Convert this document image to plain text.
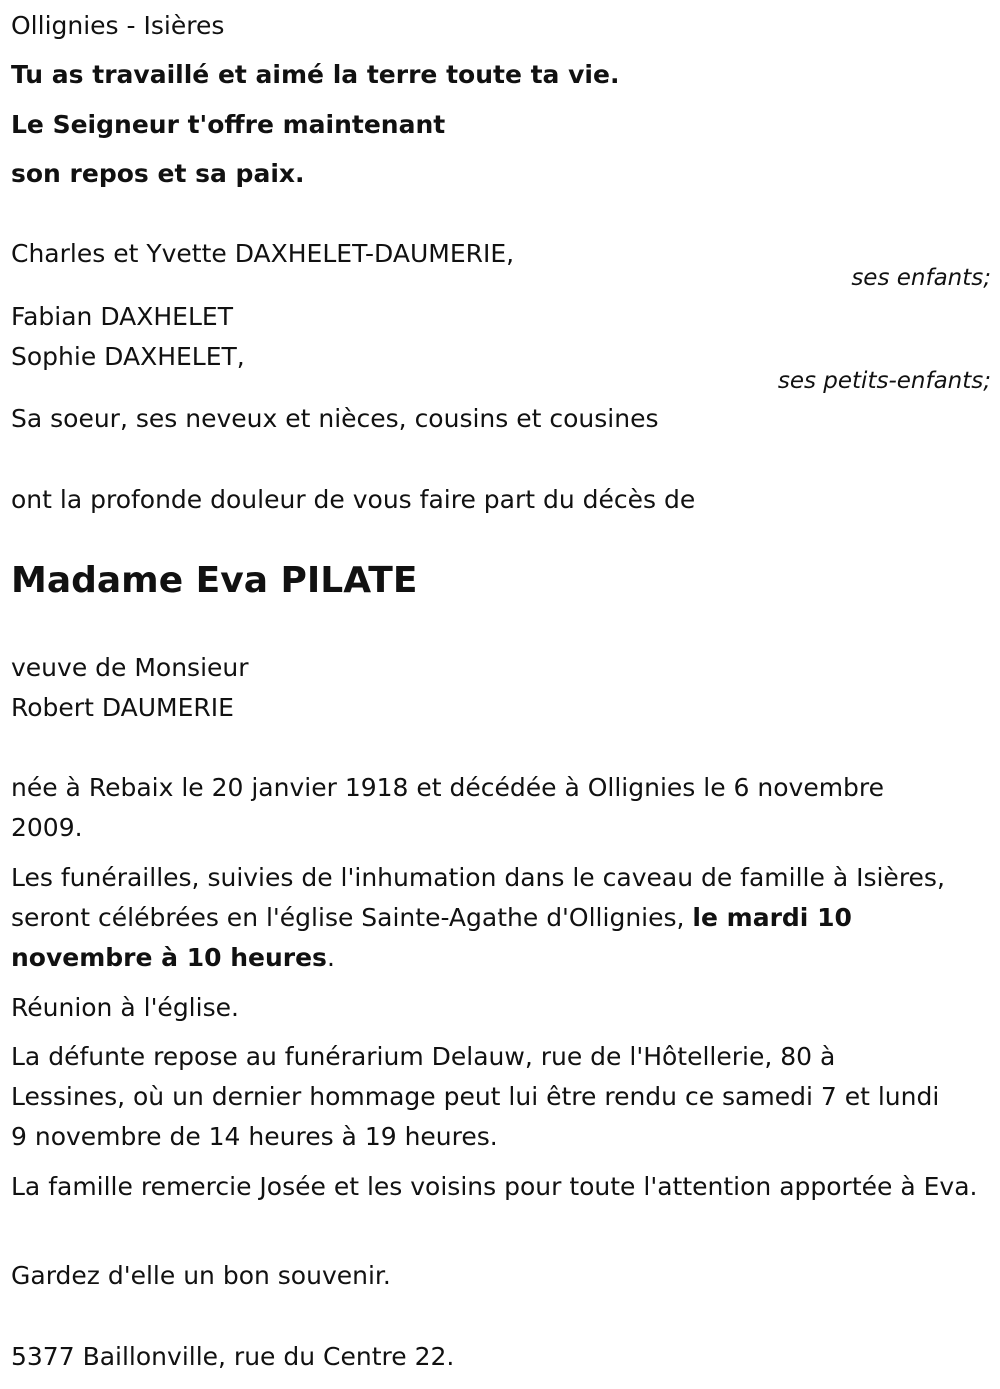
Ollignies - Isières
Tu as travaillé et aimé la terre toute ta vie.
Le Seigneur t'offre maintenant
son repos et sa paix.
Charles et Yvette DAXHELET-DAUMERIE,
ses enfants;
Fabian DAXHELET
Sophie DAXHELET,
ses petits-enfants;
Sa soeur, ses neveux et nièces, cousins et cousines
ont la profonde douleur de vous faire part du décès de
Madame Eva PILATE
veuve de Monsieur
Robert DAUMERIE
née à Rebaix le 20 janvier 1918 et décédée à Ollignies le 6 novembre 2009.
Les funérailles, suivies de l'inhumation dans le caveau de famille à Isières, seront célébrées en l'église Sainte-Agathe d'Ollignies, le mardi 10 novembre à 10 heures.
Réunion à l'église.
La défunte repose au funérarium Delauw, rue de l'Hôtellerie, 80 à Lessines, où un dernier hommage peut lui être rendu ce samedi 7 et lundi 9 novembre de 14 heures à 19 heures.
La famille remercie Josée et les voisins pour toute l'attention apportée à Eva.
Gardez d'elle un bon souvenir.
5377 Baillonville, rue du Centre 22.
